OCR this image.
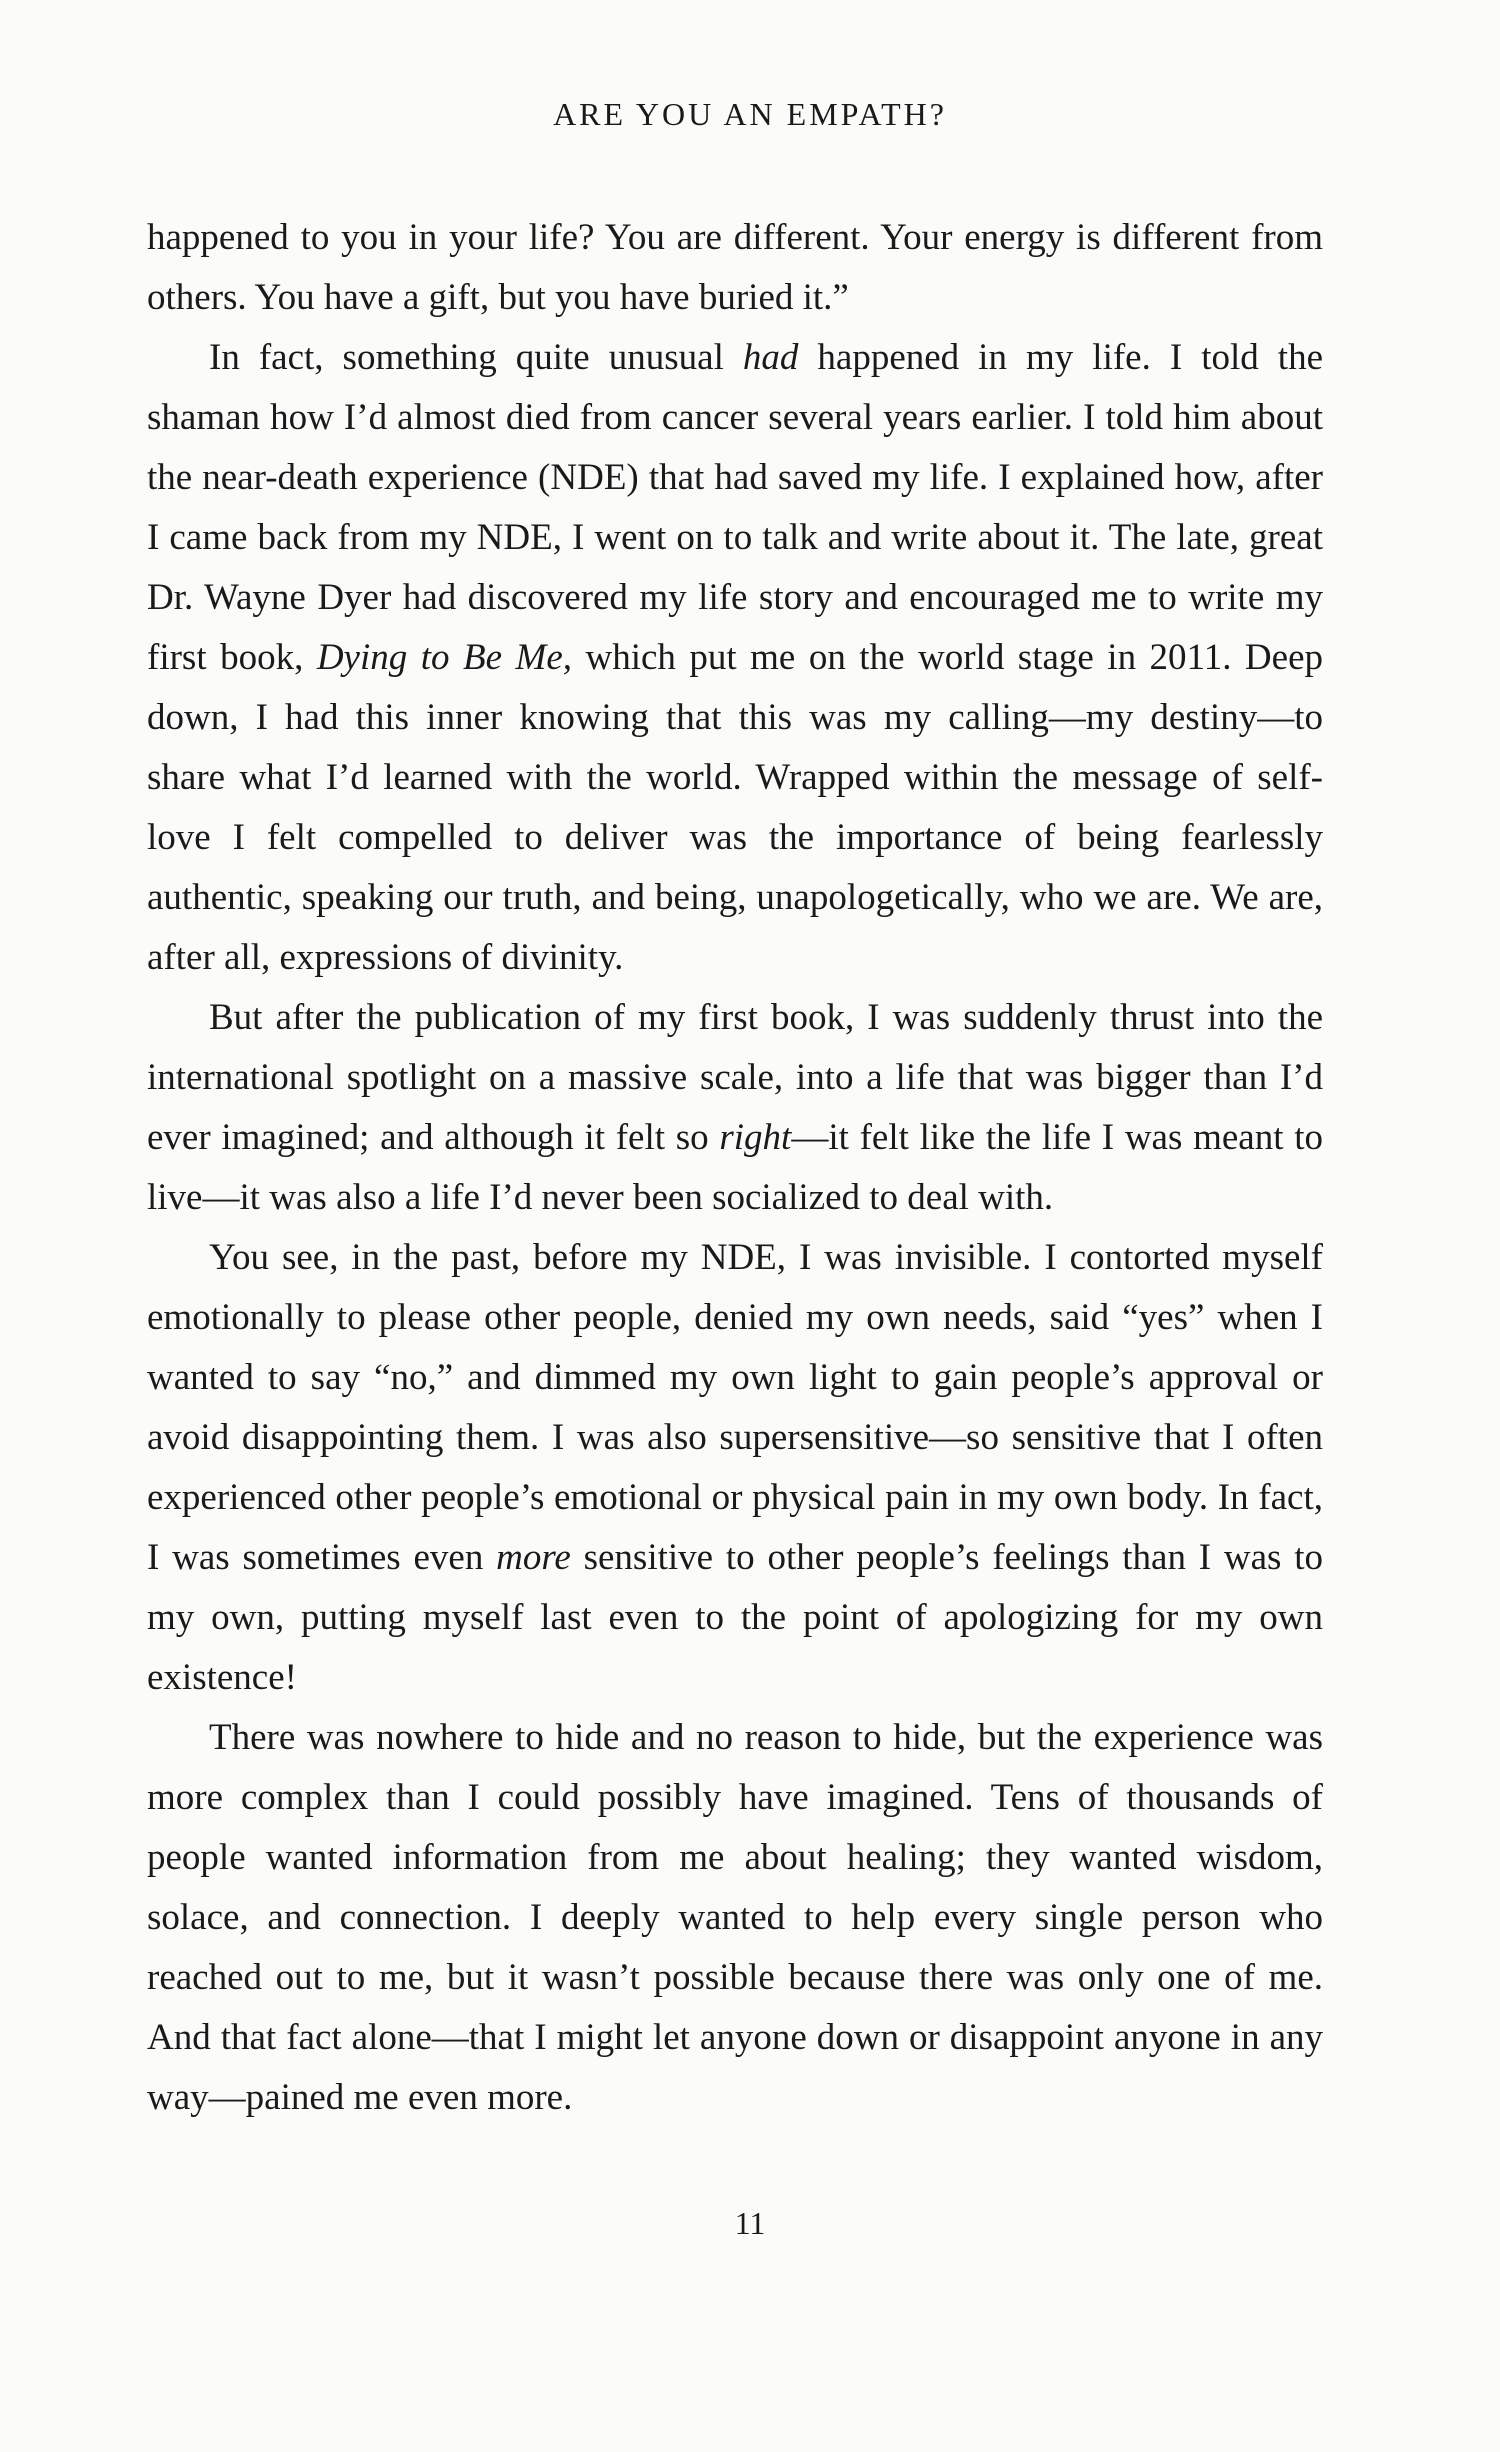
ARE YOU AN EMPATH?

happened to you in your life? You are different. Your energy is different from others. You have a gift, but you have buried it.”

In fact, something quite unusual had happened in my life. I told the shaman how I’d almost died from cancer several years earlier. I told him about the near-death experience (NDE) that had saved my life. I explained how, after I came back from my NDE, I went on to talk and write about it. The late, great Dr. Wayne Dyer had discovered my life story and encouraged me to write my first book, Dying to Be Me, which put me on the world stage in 2011. Deep down, I had this inner knowing that this was my calling—my destiny—to share what I’d learned with the world. Wrapped within the message of self-love I felt compelled to deliver was the importance of being fearlessly authentic, speaking our truth, and being, unapologetically, who we are. We are, after all, expressions of divinity.

But after the publication of my first book, I was suddenly thrust into the international spotlight on a massive scale, into a life that was bigger than I’d ever imagined; and although it felt so right—it felt like the life I was meant to live—it was also a life I’d never been socialized to deal with.

You see, in the past, before my NDE, I was invisible. I contorted myself emotionally to please other people, denied my own needs, said “yes” when I wanted to say “no,” and dimmed my own light to gain people’s approval or avoid disappointing them. I was also supersensitive—so sensitive that I often experienced other people’s emotional or physical pain in my own body. In fact, I was sometimes even more sensitive to other people’s feelings than I was to my own, putting myself last even to the point of apologizing for my own existence!

There was nowhere to hide and no reason to hide, but the experience was more complex than I could possibly have imagined. Tens of thousands of people wanted information from me about healing; they wanted wisdom, solace, and connection. I deeply wanted to help every single person who reached out to me, but it wasn’t possible because there was only one of me. And that fact alone—that I might let anyone down or disappoint anyone in any way—pained me even more.

11
